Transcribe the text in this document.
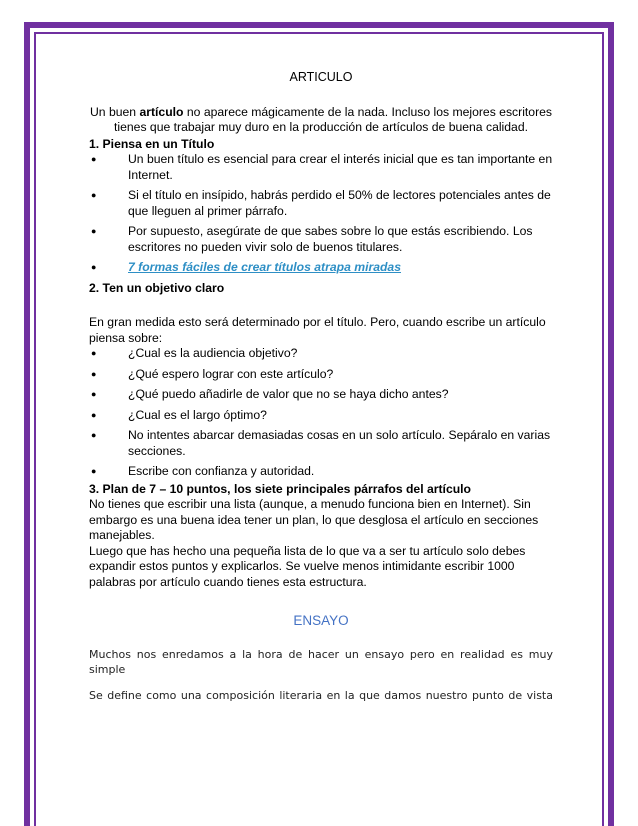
ARTICULO
Un buen artículo no aparece mágicamente de la nada. Incluso los mejores escritores tienes que trabajar muy duro en la producción de artículos de buena calidad.
1. Piensa en un Título
●	Un buen título es esencial para crear el interés inicial que es tan importante en Internet.
●	Si el título en insípido, habrás perdido el 50% de lectores potenciales antes de que lleguen al primer párrafo.
●	Por supuesto, asegúrate de que sabes sobre lo que estás escribiendo. Los escritores no pueden vivir solo de buenos titulares.
●	7 formas fáciles de crear títulos atrapa miradas
2. Ten un objetivo claro
En gran medida esto será determinado por el título. Pero, cuando escribe un artículo piensa sobre:
●	¿Cual es la audiencia objetivo?
●	¿Qué espero lograr con este artículo?
●	¿Qué puedo añadirle de valor que no se haya dicho antes?
●	¿Cual es el largo óptimo?
●	No intentes abarcar demasiadas cosas en un solo artículo. Sepáralo en varias secciones.
●	Escribe con confianza y autoridad.
3. Plan de 7 – 10 puntos, los siete principales párrafos del artículo
No tienes que escribir una lista (aunque, a menudo funciona bien en Internet). Sin embargo es una buena idea tener un plan, lo que desglosa el artículo en secciones manejables.
Luego que has hecho una pequeña lista de lo que va a ser tu artículo solo debes expandir estos puntos y explicarlos. Se vuelve menos intimidante escribir 1000 palabras por artículo cuando tienes esta estructura.
ENSAYO
Muchos nos enredamos a la hora de hacer un ensayo pero en realidad es muy simple
Se define como una composición literaria en la que damos nuestro punto de vista
